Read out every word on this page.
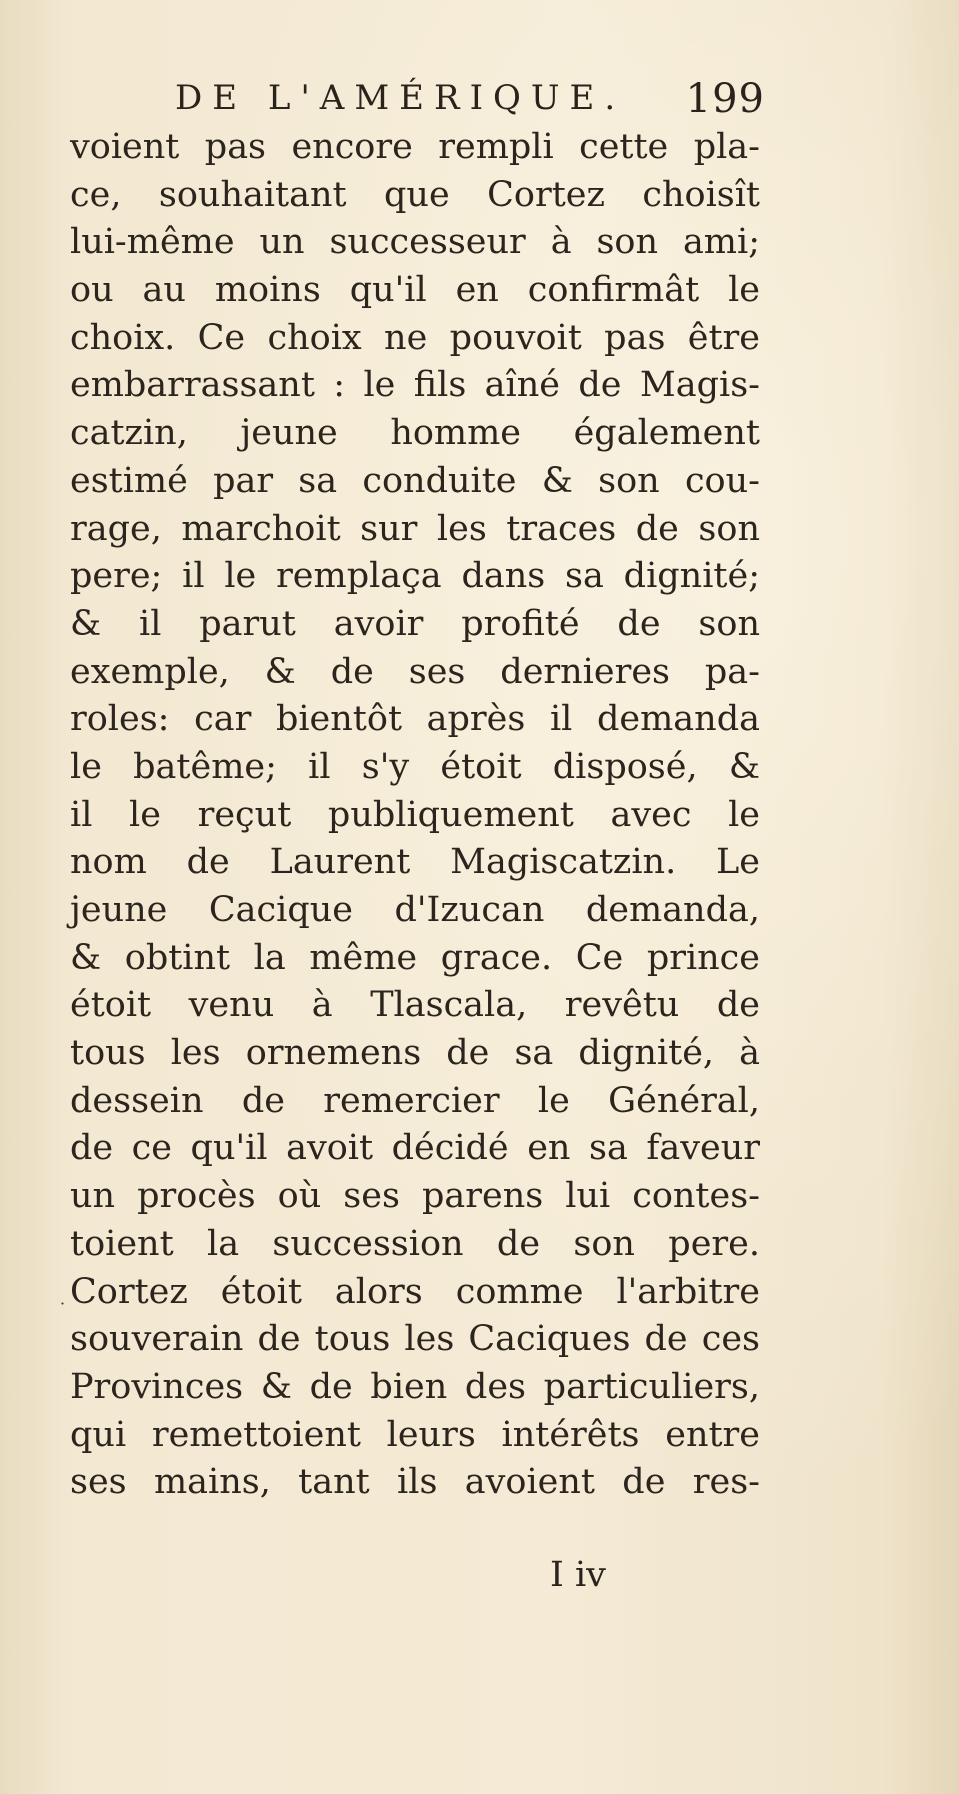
DE L'AMÉRIQUE. 199
voient pas encore rempli cette pla-
ce, souhaitant que Cortez choisît
lui-même un successeur à son ami;
ou au moins qu'il en confirmât le
choix. Ce choix ne pouvoit pas être
embarrassant : le fils aîné de Magis-
catzin, jeune homme également
estimé par sa conduite & son cou-
rage, marchoit sur les traces de son
pere; il le remplaça dans sa dignité;
& il parut avoir profité de son
exemple, & de ses dernieres pa-
roles: car bientôt après il demanda
le batême; il s'y étoit disposé, &
il le reçut publiquement avec le
nom de Laurent Magiscatzin. Le
jeune Cacique d'Izucan demanda,
& obtint la même grace. Ce prince
étoit venu à Tlascala, revêtu de
tous les ornemens de sa dignité, à
dessein de remercier le Général,
de ce qu'il avoit décidé en sa faveur
un procès où ses parens lui contes-
toient la succession de son pere.
Cortez étoit alors comme l'arbitre
souverain de tous les Caciques de ces
Provinces & de bien des particuliers,
qui remettoient leurs intérêts entre
ses mains, tant ils avoient de res-
˙
I iv
